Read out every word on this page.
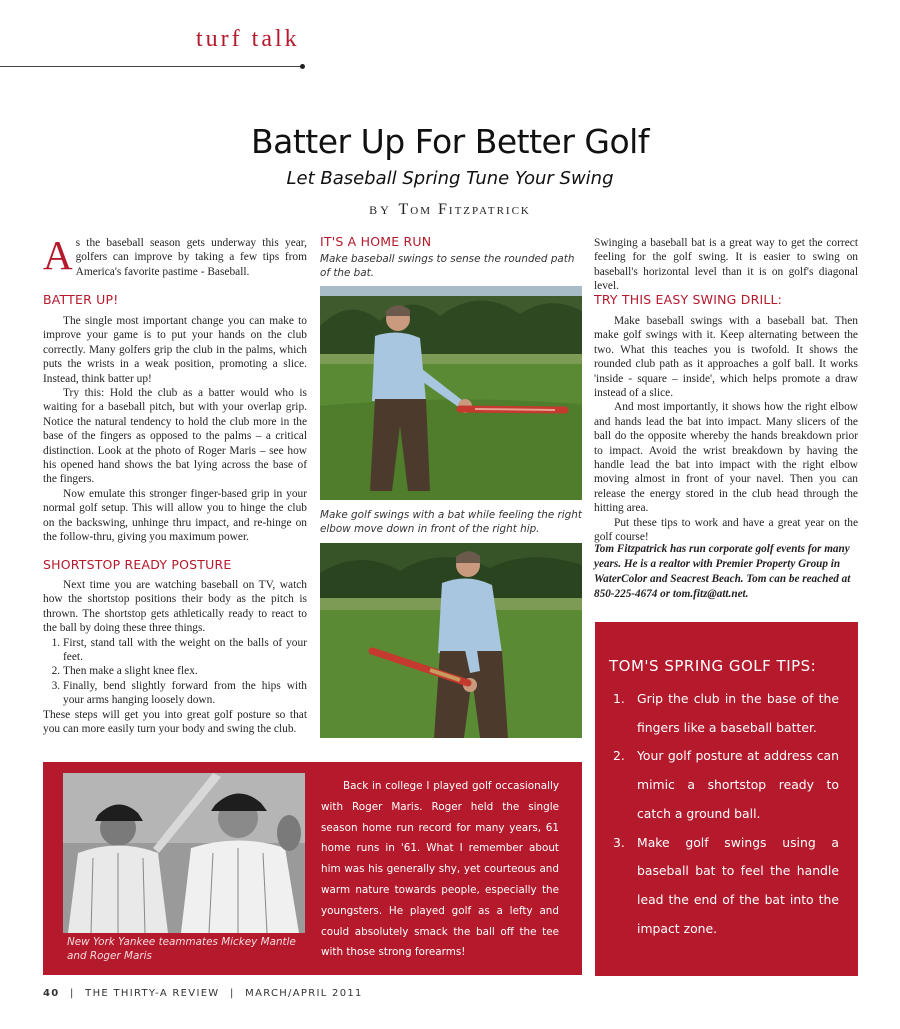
turf talk
Batter Up For Better Golf
Let Baseball Spring Tune Your Swing
BY Tom Fitzpatrick
As the baseball season gets underway this year, golfers can improve by taking a few tips from America's favorite pastime - Baseball.
BATTER UP!

The single most important change you can make to improve your game is to put your hands on the club correctly. Many golfers grip the club in the palms, which puts the wrists in a weak position, promoting a slice. Instead, think batter up!

Try this: Hold the club as a batter would who is waiting for a baseball pitch, but with your overlap grip. Notice the natural tendency to hold the club more in the base of the fingers as opposed to the palms – a critical distinction. Look at the photo of Roger Maris – see how his opened hand shows the bat lying across the base of the fingers.

Now emulate this stronger finger-based grip in your normal golf setup. This will allow you to hinge the club on the backswing, unhinge thru impact, and re-hinge on the follow-thru, giving you maximum power.

SHORTSTOP READY POSTURE

Next time you are watching baseball on TV, watch how the shortstop positions their body as the pitch is thrown. The shortstop gets athletically ready to react to the ball by doing these three things.

1. First, stand tall with the weight on the balls of your feet.
2. Then make a slight knee flex.
3. Finally, bend slightly forward from the hips with your arms hanging loosely down.

These steps will get you into great golf posture so that you can more easily turn your body and swing the club.

IT'S A HOME RUN
Make baseball swings to sense the rounded path of the bat.
Make golf swings with a bat while feeling the right elbow move down in front of the right hip.

Swinging a baseball bat is a great way to get the correct feeling for the golf swing. It is easier to swing on baseball's horizontal level than it is on golf's diagonal level.

TRY THIS EASY SWING DRILL:

Make baseball swings with a baseball bat. Then make golf swings with it. Keep alternating between the two. What this teaches you is twofold. It shows the rounded club path as it approaches a golf ball. It works 'inside - square – inside', which helps promote a draw instead of a slice.

And most importantly, it shows how the right elbow and hands lead the bat into impact. Many slicers of the ball do the opposite whereby the hands breakdown prior to impact. Avoid the wrist breakdown by having the handle lead the bat into impact with the right elbow moving almost in front of your navel. Then you can release the energy stored in the club head through the hitting area.

Put these tips to work and have a great year on the golf course!

Tom Fitzpatrick has run corporate golf events for many years. He is a realtor with Premier Property Group in WaterColor and Seacrest Beach. Tom can be reached at 850-225-4674 or tom.fitz@att.net.
TOM'S SPRING GOLF TIPS:
1. Grip the club in the base of the fingers like a baseball batter.
2. Your golf posture at address can mimic a shortstop ready to catch a ground ball.
3. Make golf swings using a baseball bat to feel the handle lead the end of the bat into the impact zone.
New York Yankee teammates Mickey Mantle and Roger Maris

Back in college I played golf occasionally with Roger Maris. Roger held the single season home run record for many years, 61 home runs in '61. What I remember about him was his generally shy, yet courteous and warm nature towards people, especially the youngsters. He played golf as a lefty and could absolutely smack the ball off the tee with those strong forearms!

40 | THE THIRTY-A REVIEW | MARCH/APRIL 2011
